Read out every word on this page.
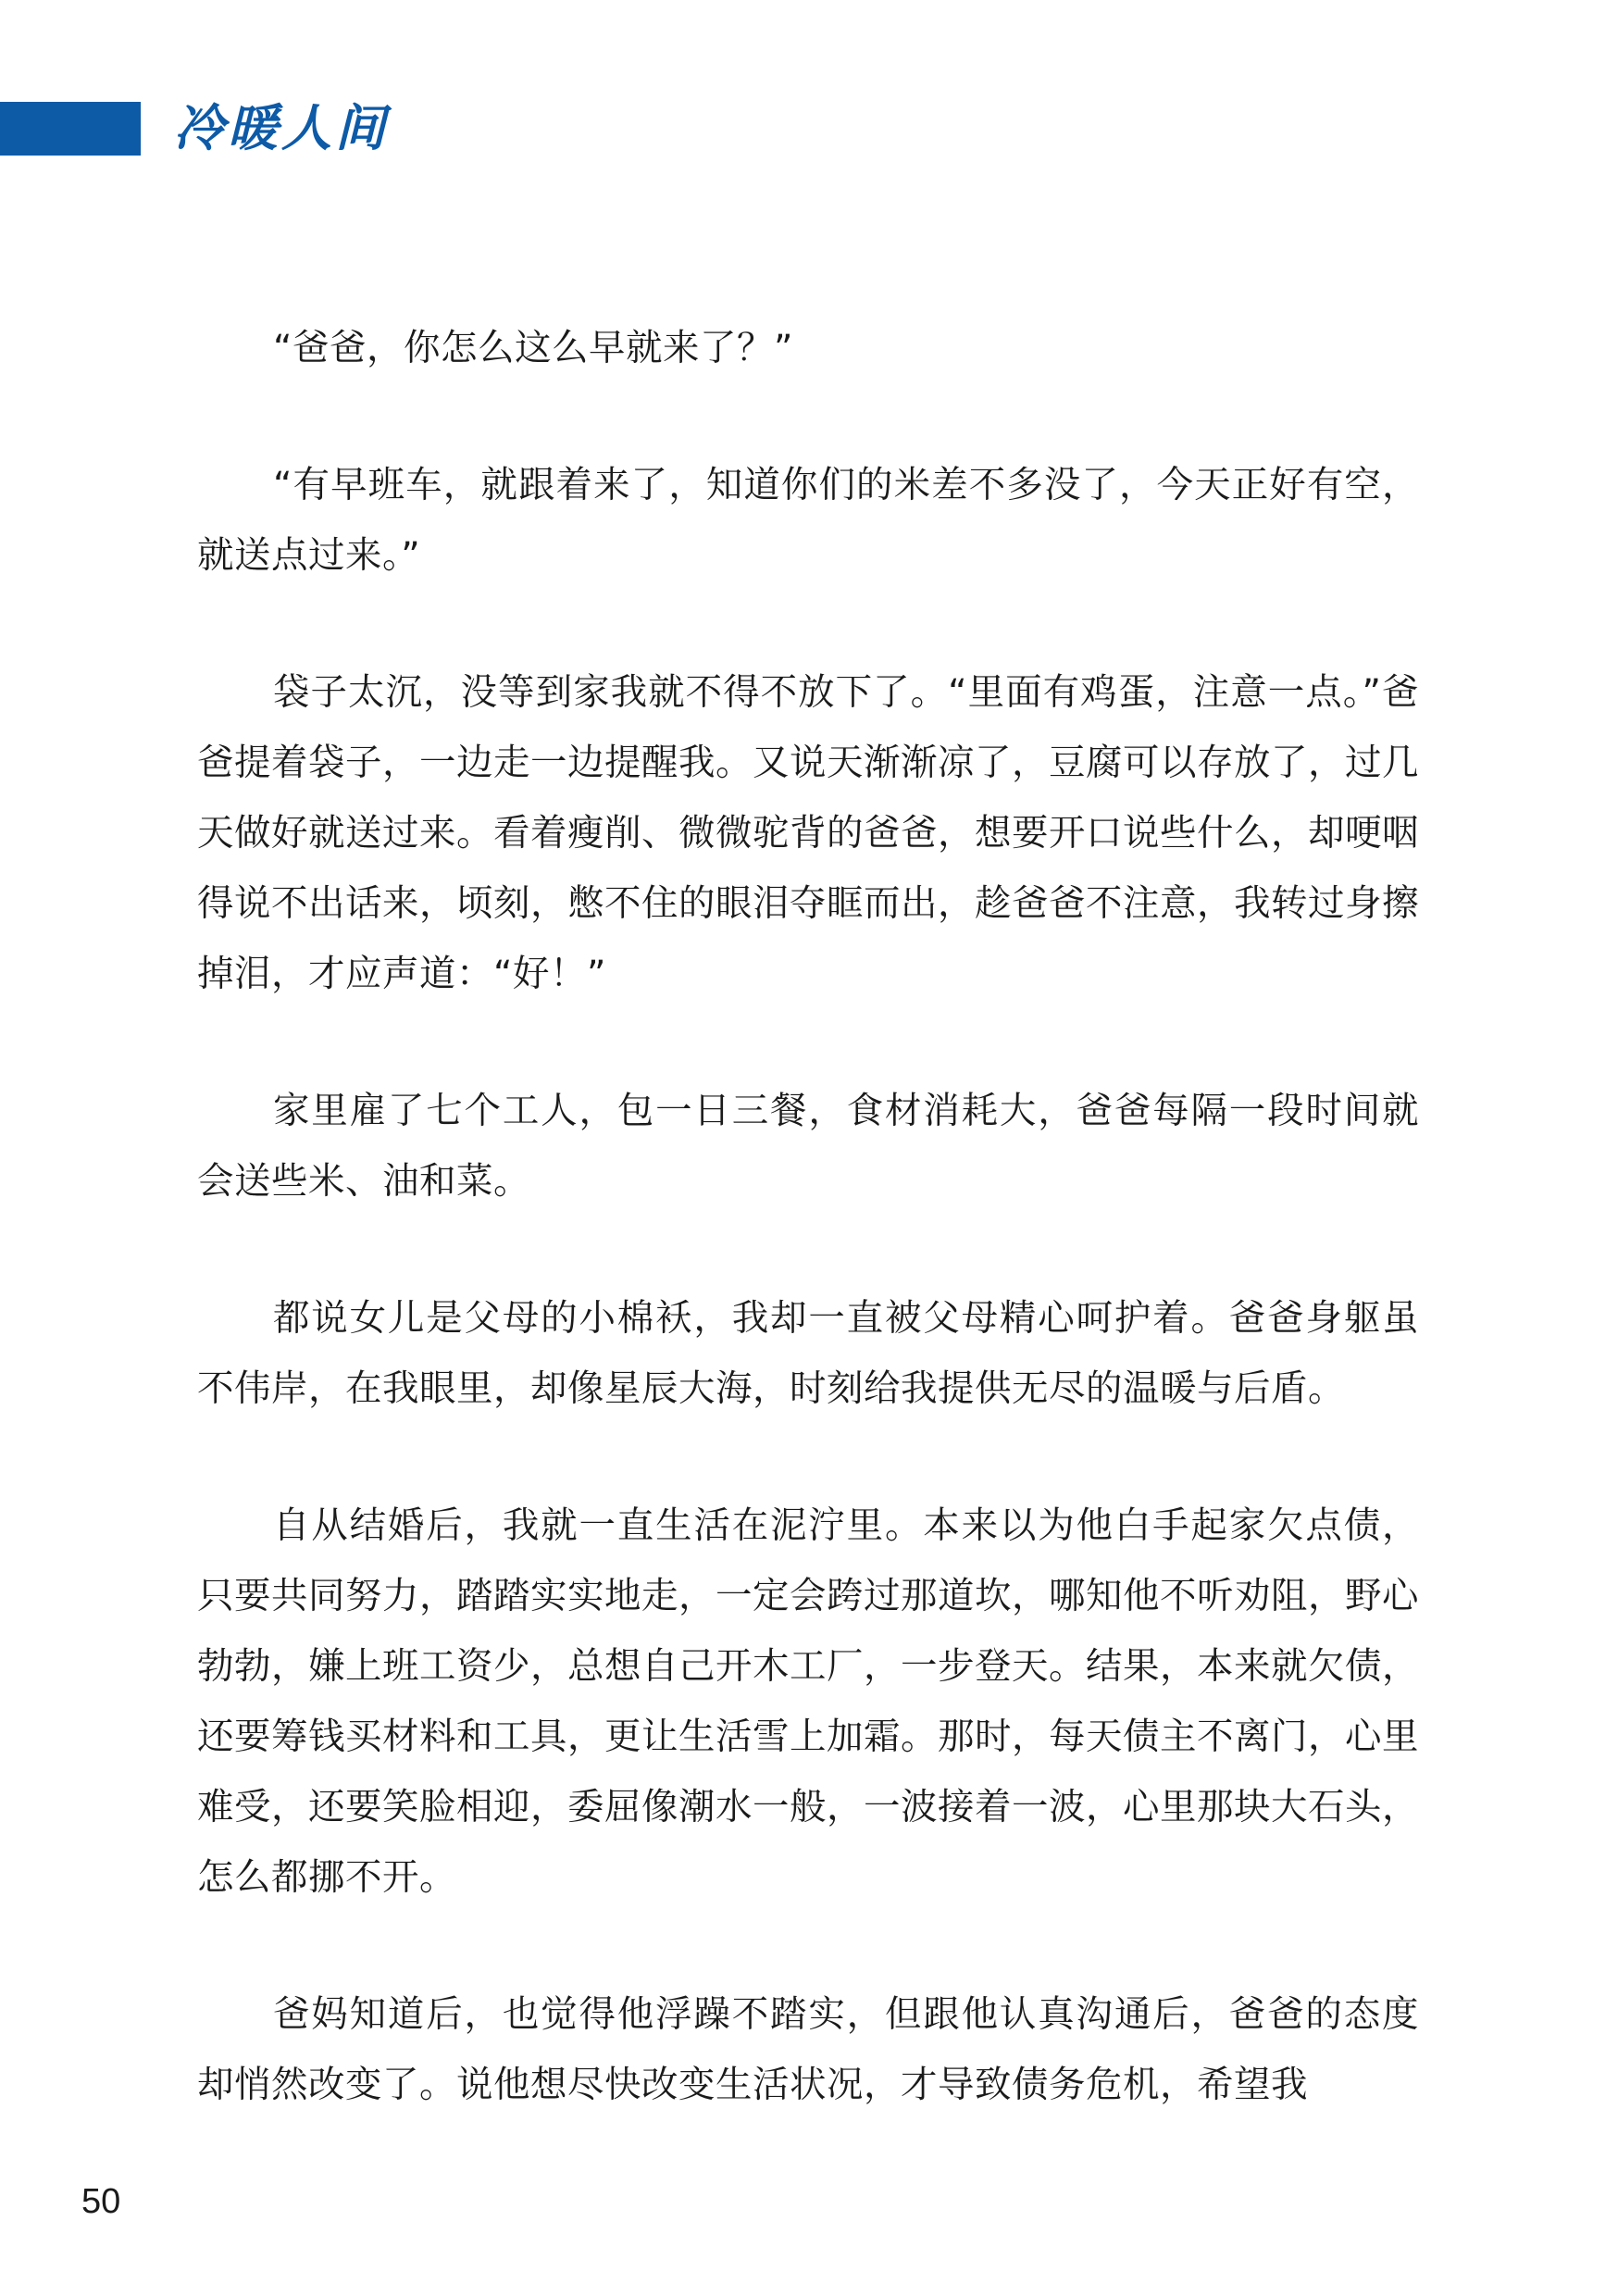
冷暖人间

“爸爸，你怎么这么早就来了？”

“有早班车，就跟着来了，知道你们的米差不多没了，今天正好有空，就送点过来。”

袋子太沉，没等到家我就不得不放下了。“里面有鸡蛋，注意一点。”爸爸提着袋子，一边走一边提醒我。又说天渐渐凉了，豆腐可以存放了，过几天做好就送过来。看着瘦削、微微驼背的爸爸，想要开口说些什么，却哽咽得说不出话来，顷刻，憋不住的眼泪夺眶而出，趁爸爸不注意，我转过身擦掉泪，才应声道：“好！”

家里雇了七个工人，包一日三餐，食材消耗大，爸爸每隔一段时间就会送些米、油和菜。

都说女儿是父母的小棉袄，我却一直被父母精心呵护着。爸爸身躯虽不伟岸，在我眼里，却像星辰大海，时刻给我提供无尽的温暖与后盾。

自从结婚后，我就一直生活在泥泞里。本来以为他白手起家欠点债，只要共同努力，踏踏实实地走，一定会跨过那道坎，哪知他不听劝阻，野心勃勃，嫌上班工资少，总想自己开木工厂，一步登天。结果，本来就欠债，还要筹钱买材料和工具，更让生活雪上加霜。那时，每天债主不离门，心里难受，还要笑脸相迎，委屈像潮水一般，一波接着一波，心里那块大石头，怎么都挪不开。

爸妈知道后，也觉得他浮躁不踏实，但跟他认真沟通后，爸爸的态度却悄然改变了。说他想尽快改变生活状况，才导致债务危机，希望我

50
